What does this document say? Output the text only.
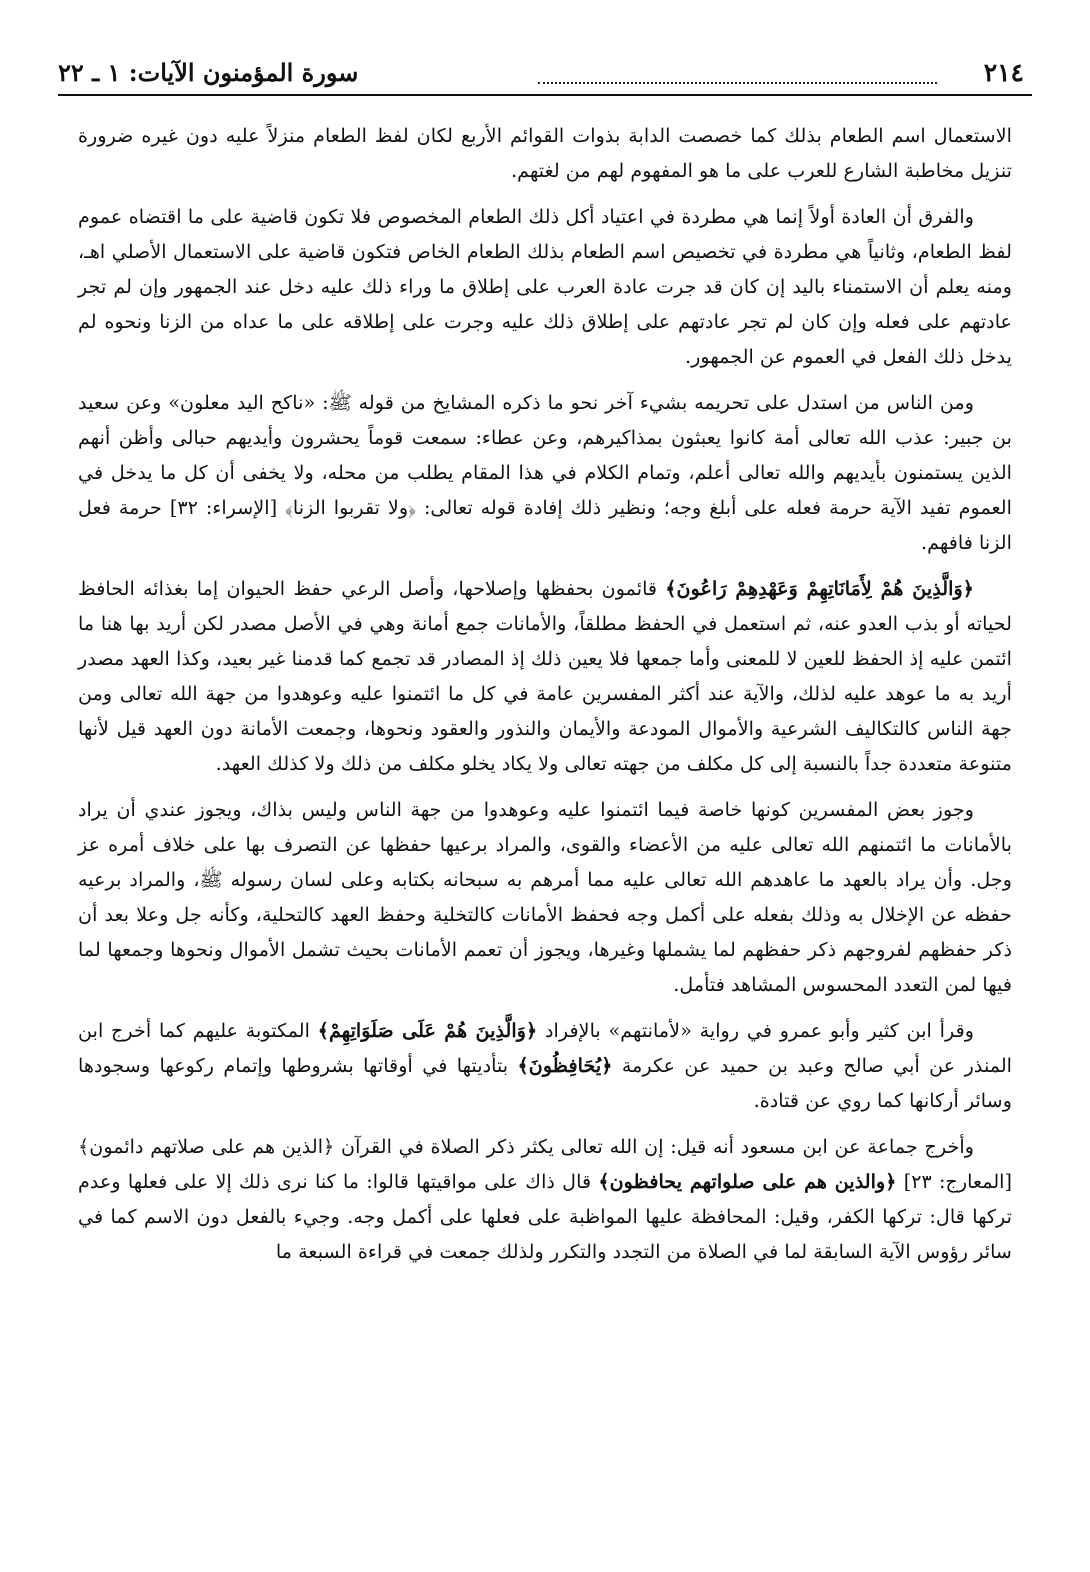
٢١٤
سورة المؤمنون الآيات: ١ ـ ٢٢

الاستعمال اسم الطعام بذلك كما خصصت الدابة بذوات القوائم الأربع لكان لفظ الطعام منزلاً عليه دون غيره ضرورة تنزيل مخاطبة الشارع للعرب على ما هو المفهوم لهم من لغتهم.

والفرق أن العادة أولاً إنما هي مطردة في اعتياد أكل ذلك الطعام المخصوص فلا تكون قاضية على ما اقتضاه عموم لفظ الطعام، وثانياً هي مطردة في تخصيص اسم الطعام بذلك الطعام الخاص فتكون قاضية على الاستعمال الأصلي اهـ، ومنه يعلم أن الاستمناء باليد إن كان قد جرت عادة العرب على إطلاق ما وراء ذلك عليه دخل عند الجمهور وإن لم تجر عادتهم على فعله وإن كان لم تجر عادتهم على إطلاق ذلك عليه وجرت على إطلاقه على ما عداه من الزنا ونحوه لم يدخل ذلك الفعل في العموم عن الجمهور.

ومن الناس من استدل على تحريمه بشيء آخر نحو ما ذكره المشايخ من قوله ﷺ: «ناكح اليد معلون» وعن سعيد بن جبير: عذب الله تعالى أمة كانوا يعبثون بمذاكيرهم، وعن عطاء: سمعت قوماً يحشرون وأيديهم حبالى وأظن أنهم الذين يستمنون بأيديهم والله تعالى أعلم، وتمام الكلام في هذا المقام يطلب من محله، ولا يخفى أن كل ما يدخل في العموم تفيد الآية حرمة فعله على أبلغ وجه؛ ونظير ذلك إفادة قوله تعالى: ﴿ولا تقربوا الزنا﴾ [الإسراء: ٣٢] حرمة فعل الزنا فافهم.

﴿وَالَّذِينَ هُمْ لِأَمَانَاتِهِمْ وَعَهْدِهِمْ رَاعُونَ﴾ قائمون بحفظها وإصلاحها، وأصل الرعي حفظ الحيوان إما بغذائه الحافظ لحياته أو بذب العدو عنه، ثم استعمل في الحفظ مطلقاً، والأمانات جمع أمانة وهي في الأصل مصدر لكن أريد بها هنا ما ائتمن عليه إذ الحفظ للعين لا للمعنى وأما جمعها فلا يعين ذلك إذ المصادر قد تجمع كما قدمنا غير بعيد، وكذا العهد مصدر أريد به ما عوهد عليه لذلك، والآية عند أكثر المفسرين عامة في كل ما ائتمنوا عليه وعوهدوا من جهة الله تعالى ومن جهة الناس كالتكاليف الشرعية والأموال المودعة والأيمان والنذور والعقود ونحوها، وجمعت الأمانة دون العهد قيل لأنها متنوعة متعددة جداً بالنسبة إلى كل مكلف من جهته تعالى ولا يكاد يخلو مكلف من ذلك ولا كذلك العهد.

وجوز بعض المفسرين كونها خاصة فيما ائتمنوا عليه وعوهدوا من جهة الناس وليس بذاك، ويجوز عندي أن يراد بالأمانات ما ائتمنهم الله تعالى عليه من الأعضاء والقوى، والمراد برعيها حفظها عن التصرف بها على خلاف أمره عز وجل. وأن يراد بالعهد ما عاهدهم الله تعالى عليه مما أمرهم به سبحانه بكتابه وعلى لسان رسوله ﷺ، والمراد برعيه حفظه عن الإخلال به وذلك بفعله على أكمل وجه فحفظ الأمانات كالتخلية وحفظ العهد كالتحلية، وكأنه جل وعلا بعد أن ذكر حفظهم لفروجهم ذكر حفظهم لما يشملها وغيرها، ويجوز أن تعمم الأمانات بحيث تشمل الأموال ونحوها وجمعها لما فيها لمن التعدد المحسوس المشاهد فتأمل.

وقرأ ابن كثير وأبو عمرو في رواية «لأمانتهم» بالإفراد ﴿وَالَّذِينَ هُمْ عَلَى صَلَوَاتِهِمْ﴾ المكتوبة عليهم كما أخرج ابن المنذر عن أبي صالح وعبد بن حميد عن عكرمة ﴿يُحَافِظُونَ﴾ بتأديتها في أوقاتها بشروطها وإتمام ركوعها وسجودها وسائر أركانها كما روي عن قتادة.

وأخرج جماعة عن ابن مسعود أنه قيل: إن الله تعالى يكثر ذكر الصلاة في القرآن ﴿الذين هم على صلاتهم دائمون﴾ [المعارج: ٢٣] ﴿والذين هم على صلواتهم يحافظون﴾ قال ذاك على مواقيتها قالوا: ما كنا نرى ذلك إلا على فعلها وعدم تركها قال: تركها الكفر، وقيل: المحافظة عليها المواظبة على فعلها على أكمل وجه. وجيء بالفعل دون الاسم كما في سائر رؤوس الآية السابقة لما في الصلاة من التجدد والتكرر ولذلك جمعت في قراءة السبعة ما
